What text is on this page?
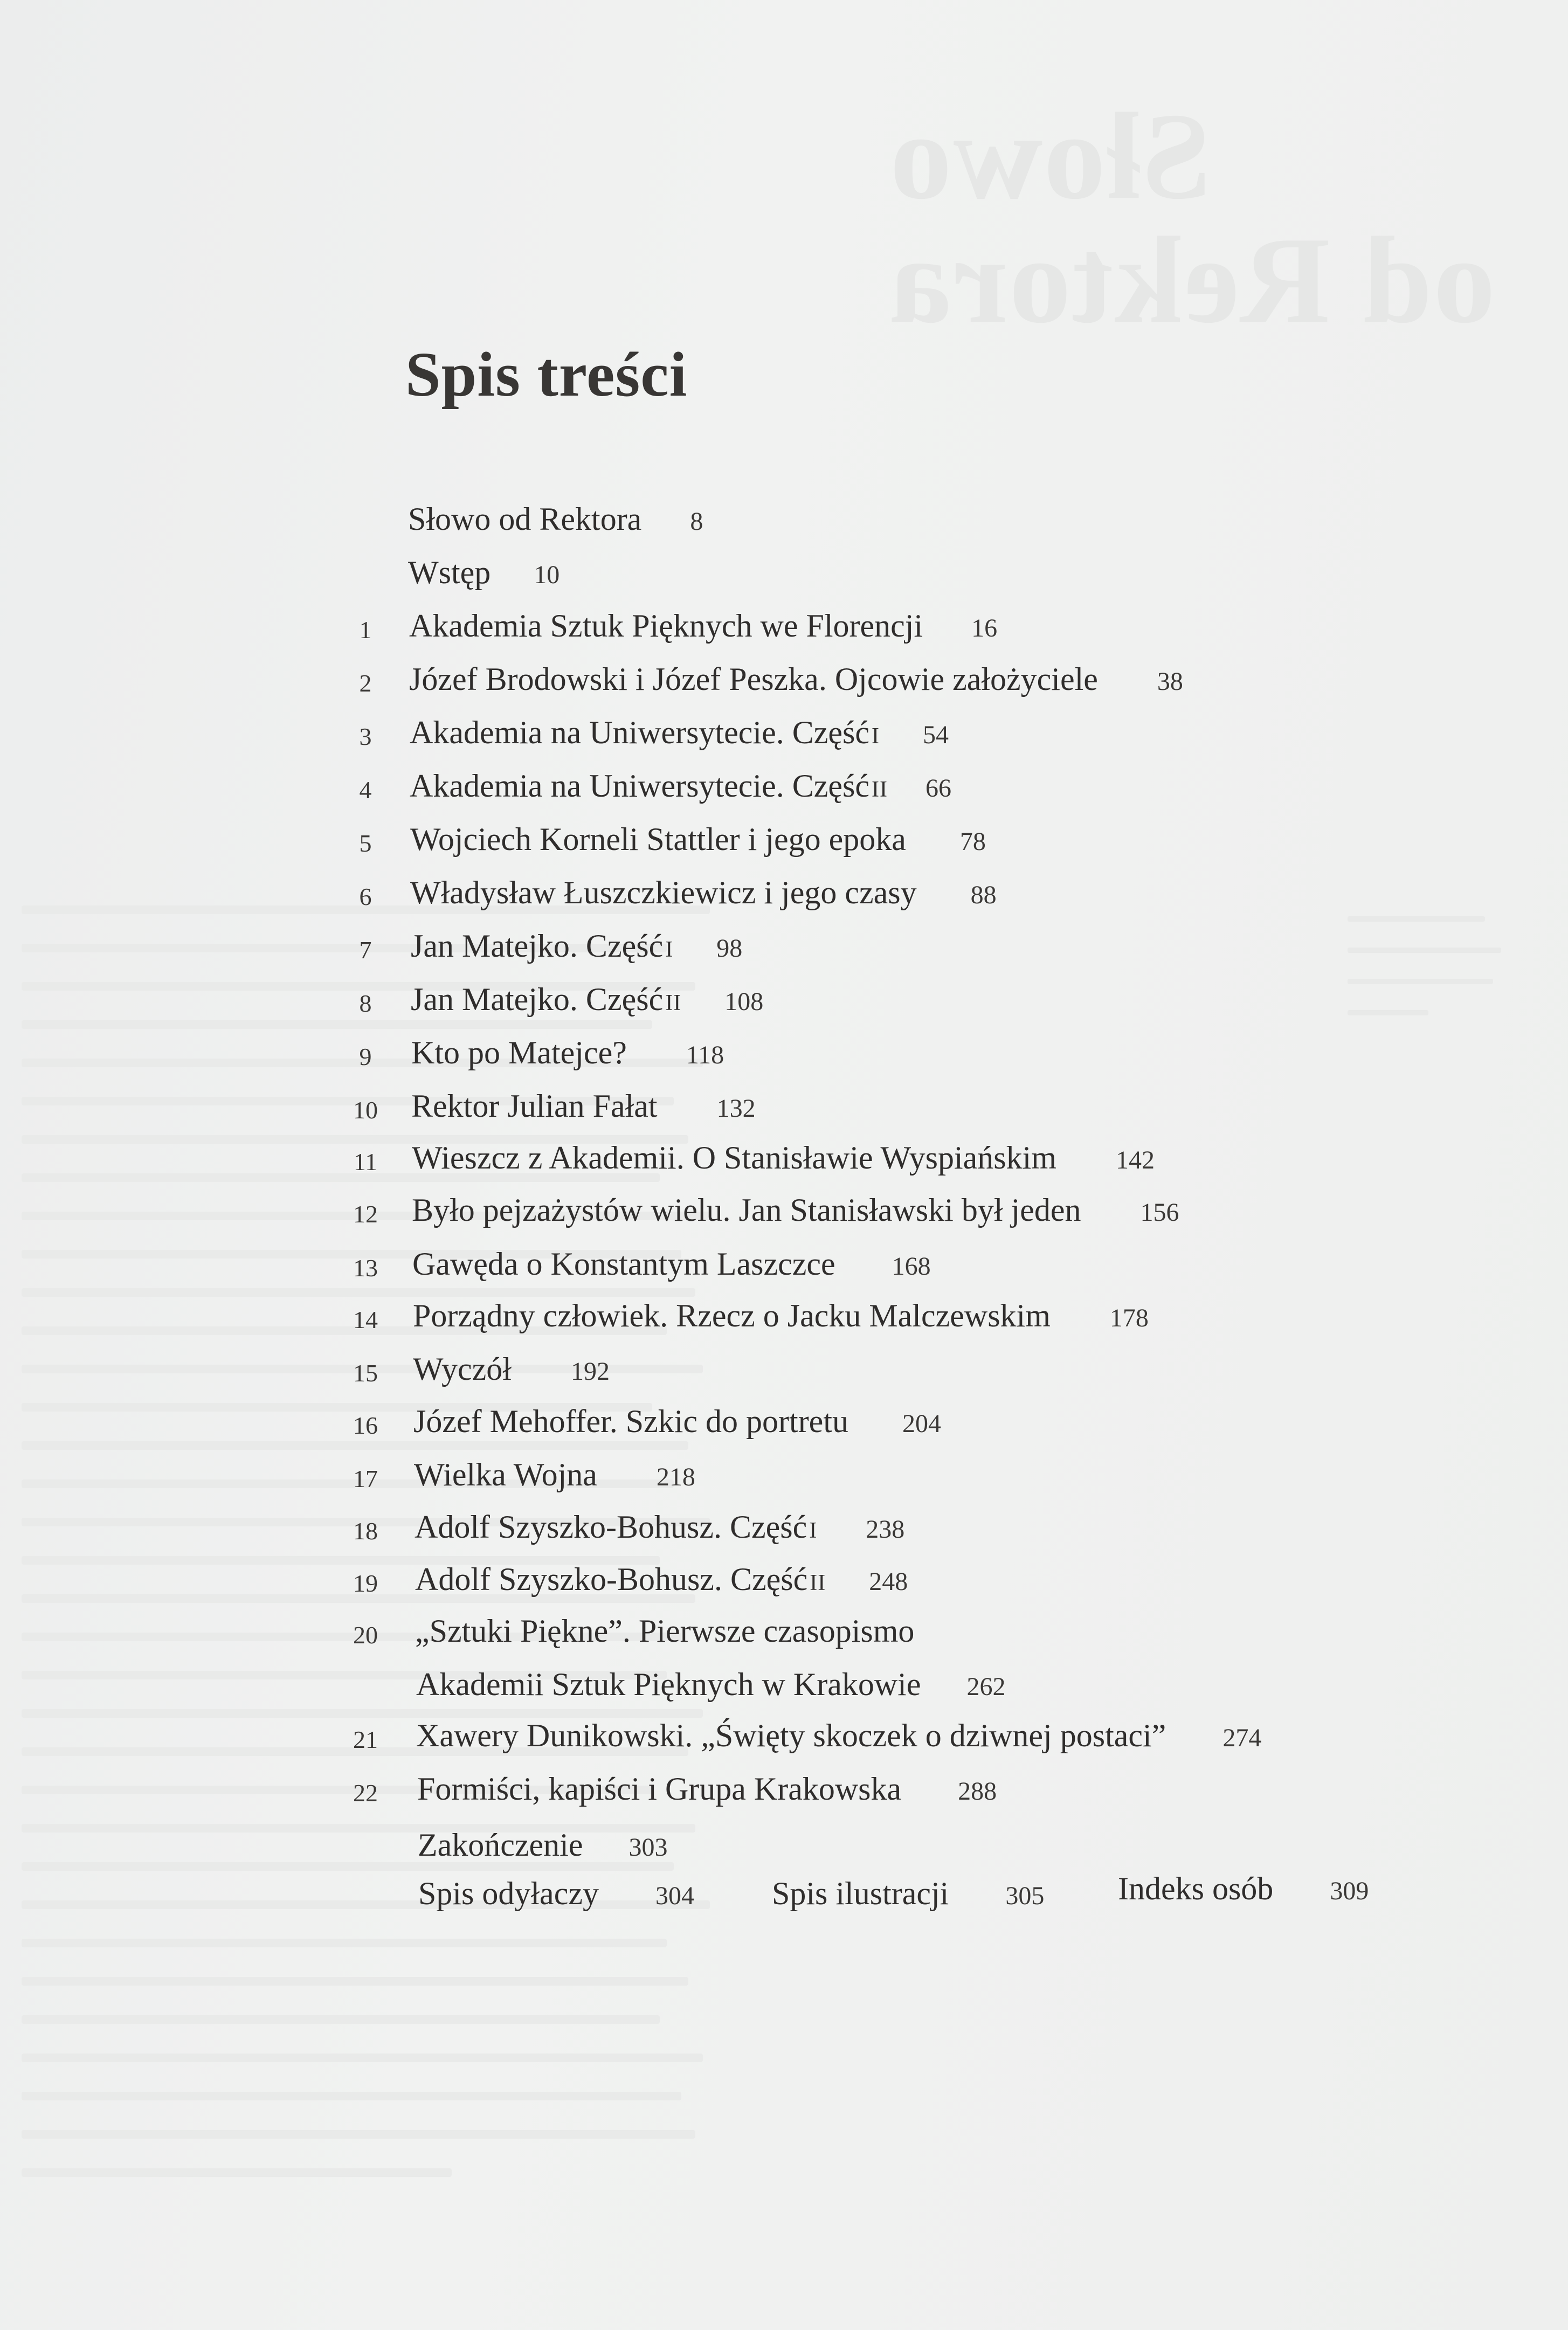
Słowo
od Rektora
Spis treści
Słowo od Rektora 8
Wstęp 10
1	Akademia Sztuk Pięknych we Florencji 16
2	Józef Brodowski i Józef Peszka. Ojcowie założyciele 38
3	Akademia na Uniwersytecie. CzęśćI 54
4	Akademia na Uniwersytecie. CzęśćII 66
5	Wojciech Korneli Stattler i jego epoka 78
6	Władysław Łuszczkiewicz i jego czasy 88
7	Jan Matejko. CzęśćI 98
8	Jan Matejko. CzęśćII 108
9	Kto po Matejce? 118
10 Rektor Julian Fałat 132
11 Wieszcz z Akademii. O Stanisławie Wyspiańskim 142
12 Było pejzażystów wielu. Jan Stanisławski był jeden 156
13 Gawęda o Konstantym Laszczce 168
14 Porządny człowiek. Rzecz o Jacku Malczewskim 178
15 Wyczół 192
16 Józef Mehoffer. Szkic do portretu 204
17 Wielka Wojna 218
18 Adolf Szyszko-Bohusz. CzęśćI 238
19 Adolf Szyszko-Bohusz. CzęśćII 248
20 „Sztuki Piękne”. Pierwsze czasopismo
Akademii Sztuk Pięknych w Krakowie 262
21 Xawery Dunikowski. „Święty skoczek o dziwnej postaci” 274
22 Formiści, kapiści i Grupa Krakowska 288
Zakończenie 303
Spis odyłaczy 304 Spis ilustracji 305 Indeks osób 309
